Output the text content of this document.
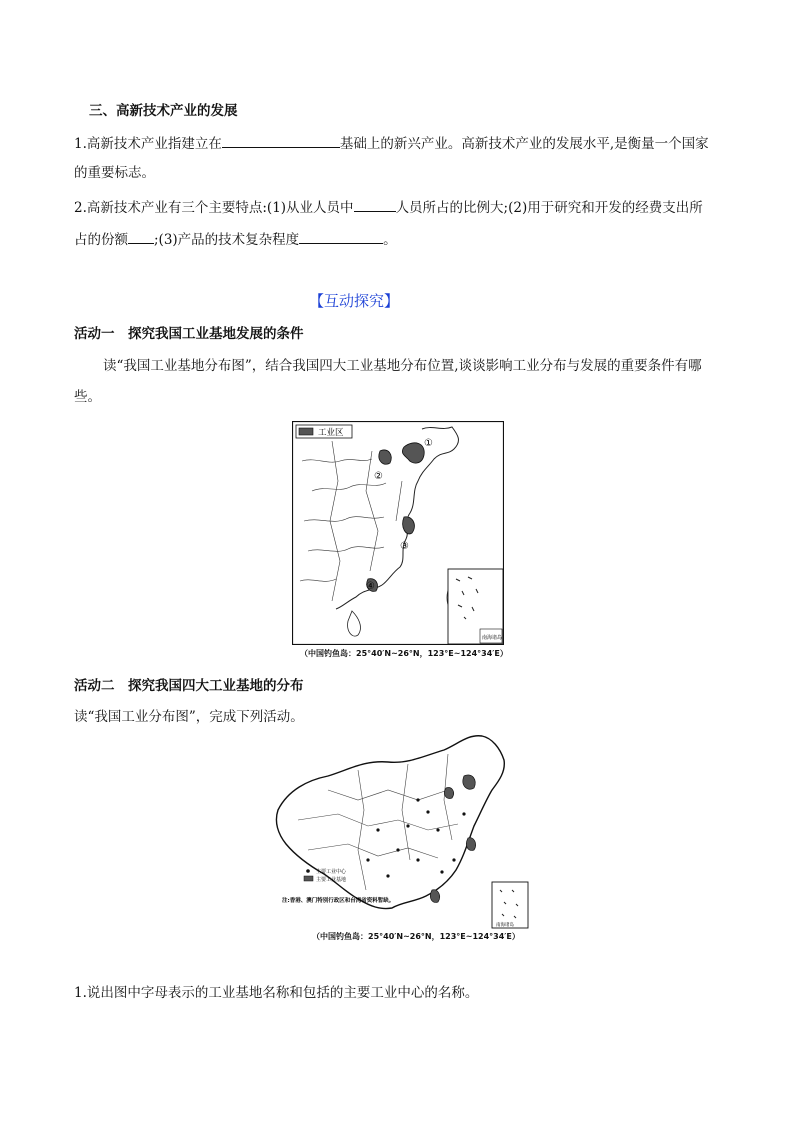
三、高新技术产业的发展
1.高新技术产业指建立在	基础上的新兴产业。高新技术产业的发展水平,是衡量一个国家
的重要标志。
2.高新技术产业有三个主要特点:(1)从业人员中	人员所占的比例大;(2)用于研究和开发的经费支出所
占的份额 ;(3)产品的技术复杂程度	。
【互动探究】
活动一　探究我国工业基地发展的条件
读“我国工业基地分布图”，结合我国四大工业基地分布位置,谈谈影响工业分布与发展的重要条件有哪
些。
工业区
①
②
③
④
南海诸岛
（中国钓鱼岛：25°40′N~26°N，123°E~124°34′E）
活动二　探究我国四大工业基地的分布
读“我国工业分布图”，完成下列活动。
主要工业中心
主要工业基地
注:香港、澳门特别行政区和台湾省资料暂缺。
南海诸岛
（中国钓鱼岛：25°40′N~26°N，123°E~124°34′E）
1.说出图中字母表示的工业基地名称和包括的主要工业中心的名称。
